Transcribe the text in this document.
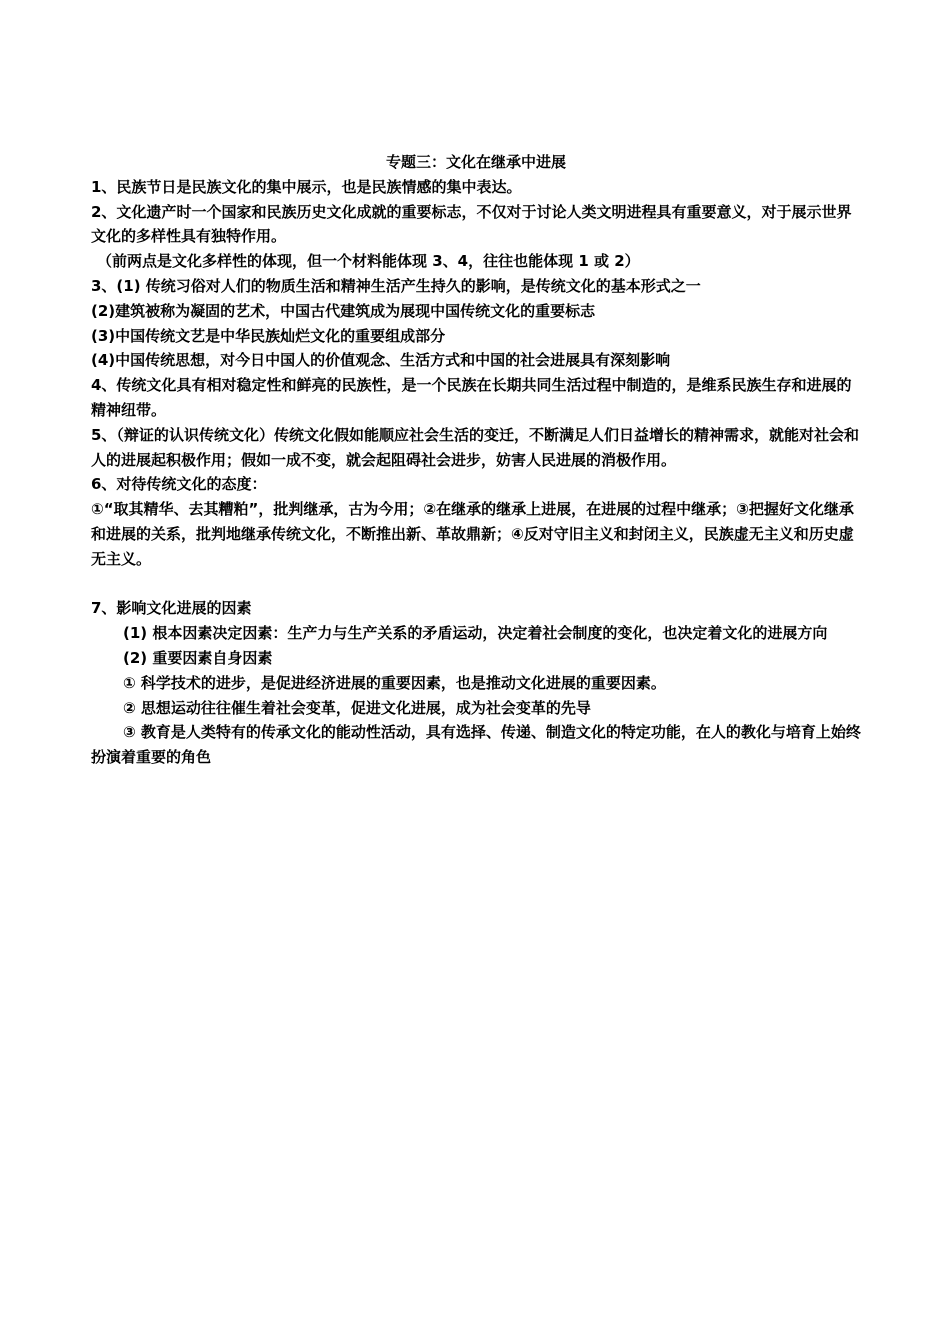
专题三：文化在继承中进展
1、民族节日是民族文化的集中展示，也是民族情感的集中表达。
2、文化遗产时一个国家和民族历史文化成就的重要标志，不仅对于讨论人类文明进程具有重要意义，对于展示世界文化的多样性具有独特作用。
（前两点是文化多样性的体现，但一个材料能体现 3、4，往往也能体现 1 或 2）
3、(1) 传统习俗对人们的物质生活和精神生活产生持久的影响，是传统文化的基本形式之一
(2)建筑被称为凝固的艺术，中国古代建筑成为展现中国传统文化的重要标志
(3)中国传统文艺是中华民族灿烂文化的重要组成部分
(4)中国传统思想，对今日中国人的价值观念、生活方式和中国的社会进展具有深刻影响
4、传统文化具有相对稳定性和鲜亮的民族性，是一个民族在长期共同生活过程中制造的，是维系民族生存和进展的精神纽带。
5、（辩证的认识传统文化）传统文化假如能顺应社会生活的变迁，不断满足人们日益增长的精神需求，就能对社会和人的进展起积极作用；假如一成不变，就会起阻碍社会进步，妨害人民进展的消极作用。
6、对待传统文化的态度：
①“取其精华、去其糟粕”，批判继承，古为今用；②在继承的继承上进展，在进展的过程中继承；③把握好文化继承和进展的关系，批判地继承传统文化，不断推出新、革故鼎新；④反对守旧主义和封闭主义，民族虚无主义和历史虚无主义。
7、影响文化进展的因素
(1) 根本因素决定因素：生产力与生产关系的矛盾运动，决定着社会制度的变化，也决定着文化的进展方向
(2) 重要因素自身因素
① 科学技术的进步，是促进经济进展的重要因素，也是推动文化进展的重要因素。
② 思想运动往往催生着社会变革，促进文化进展，成为社会变革的先导
③ 教育是人类特有的传承文化的能动性活动，具有选择、传递、制造文化的特定功能，在人的教化与培育上始终扮演着重要的角色
